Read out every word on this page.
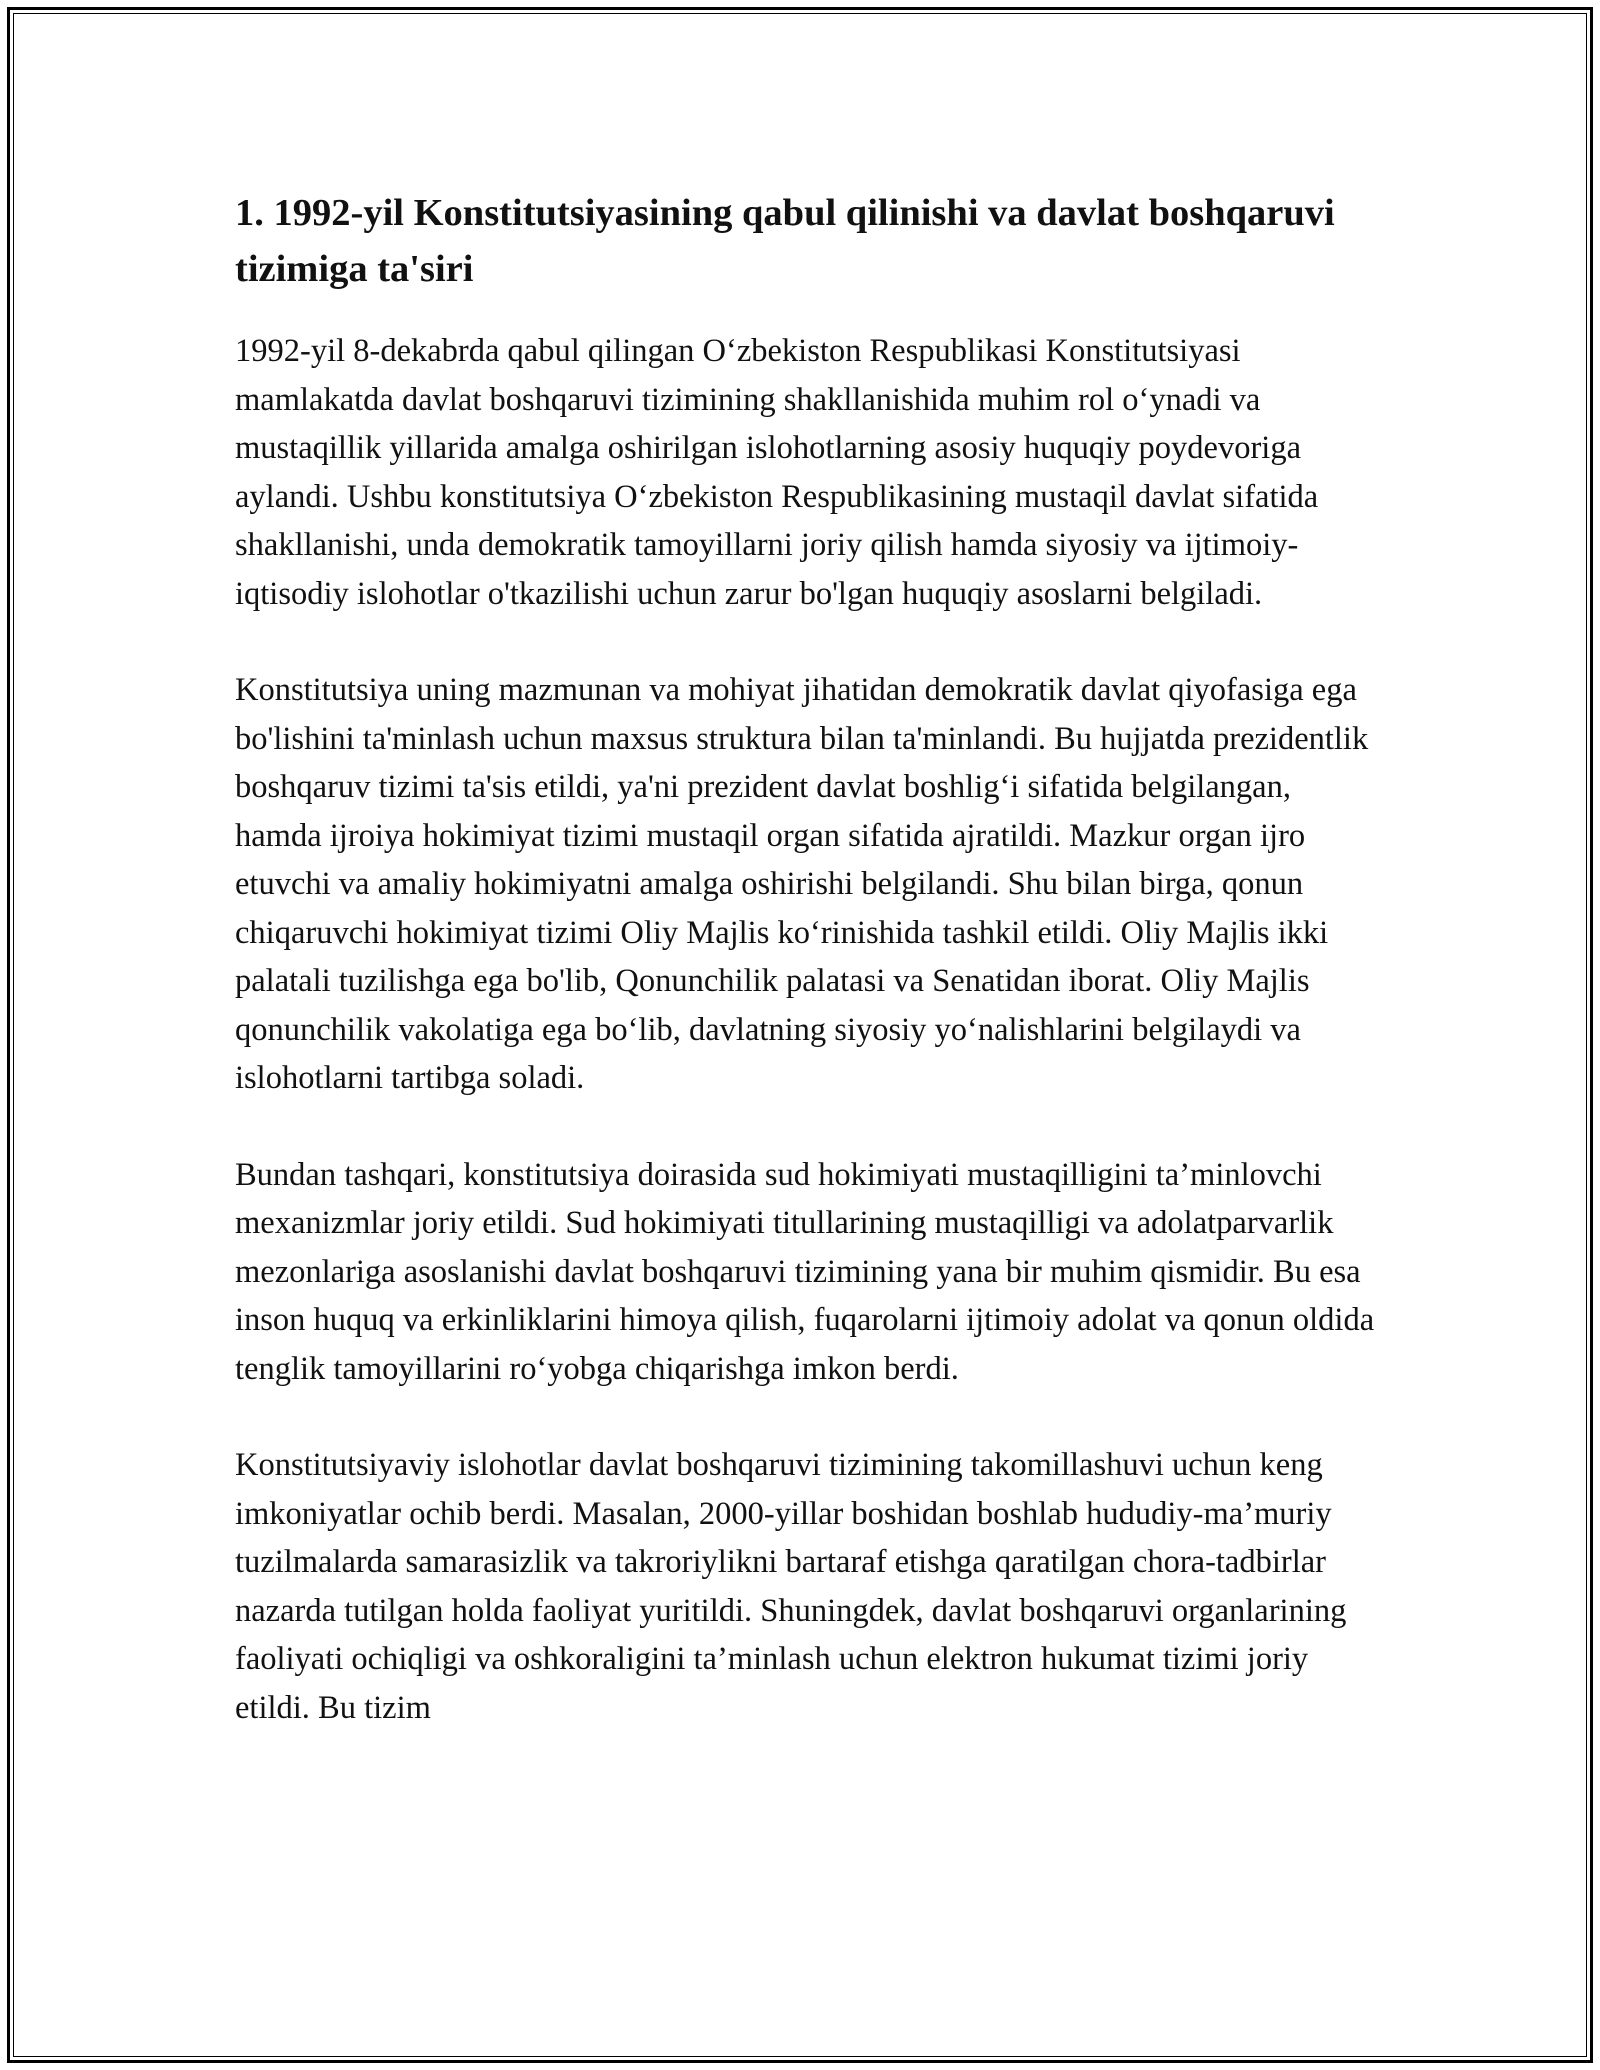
1. 1992-yil Konstitutsiyasining qabul qilinishi va davlat boshqaruvi tizimiga ta'siri

1992-yil 8-dekabrda qabul qilingan O‘zbekiston Respublikasi Konstitutsiyasi mamlakatda davlat boshqaruvi tizimining shakllanishida muhim rol o‘ynadi va mustaqillik yillarida amalga oshirilgan islohotlarning asosiy huquqiy poydevoriga aylandi. Ushbu konstitutsiya O‘zbekiston Respublikasining mustaqil davlat sifatida shakllanishi, unda demokratik tamoyillarni joriy qilish hamda siyosiy va ijtimoiy-iqtisodiy islohotlar o'tkazilishi uchun zarur bo'lgan huquqiy asoslarni belgiladi.

Konstitutsiya uning mazmunan va mohiyat jihatidan demokratik davlat qiyofasiga ega bo'lishini ta'minlash uchun maxsus struktura bilan ta'minlandi. Bu hujjatda prezidentlik boshqaruv tizimi ta'sis etildi, ya'ni prezident davlat boshlig‘i sifatida belgilangan, hamda ijroiya hokimiyat tizimi mustaqil organ sifatida ajratildi. Mazkur organ ijro etuvchi va amaliy hokimiyatni amalga oshirishi belgilandi. Shu bilan birga, qonun chiqaruvchi hokimiyat tizimi Oliy Majlis ko‘rinishida tashkil etildi. Oliy Majlis ikki palatali tuzilishga ega bo'lib, Qonunchilik palatasi va Senatidan iborat. Oliy Majlis qonunchilik vakolatiga ega bo‘lib, davlatning siyosiy yo‘nalishlarini belgilaydi va islohotlarni tartibga soladi.

Bundan tashqari, konstitutsiya doirasida sud hokimiyati mustaqilligini ta’minlovchi mexanizmlar joriy etildi. Sud hokimiyati titullarining mustaqilligi va adolatparvarlik mezonlariga asoslanishi davlat boshqaruvi tizimining yana bir muhim qismidir. Bu esa inson huquq va erkinliklarini himoya qilish, fuqarolarni ijtimoiy adolat va qonun oldida tenglik tamoyillarini ro‘yobga chiqarishga imkon berdi.

Konstitutsiyaviy islohotlar davlat boshqaruvi tizimining takomillashuvi uchun keng imkoniyatlar ochib berdi. Masalan, 2000-yillar boshidan boshlab hududiy-ma’muriy tuzilmalarda samarasizlik va takroriylikni bartaraf etishga qaratilgan chora-tadbirlar nazarda tutilgan holda faoliyat yuritildi. Shuningdek, davlat boshqaruvi organlarining faoliyati ochiqligi va oshkoraligini ta’minlash uchun elektron hukumat tizimi joriy etildi. Bu tizim
